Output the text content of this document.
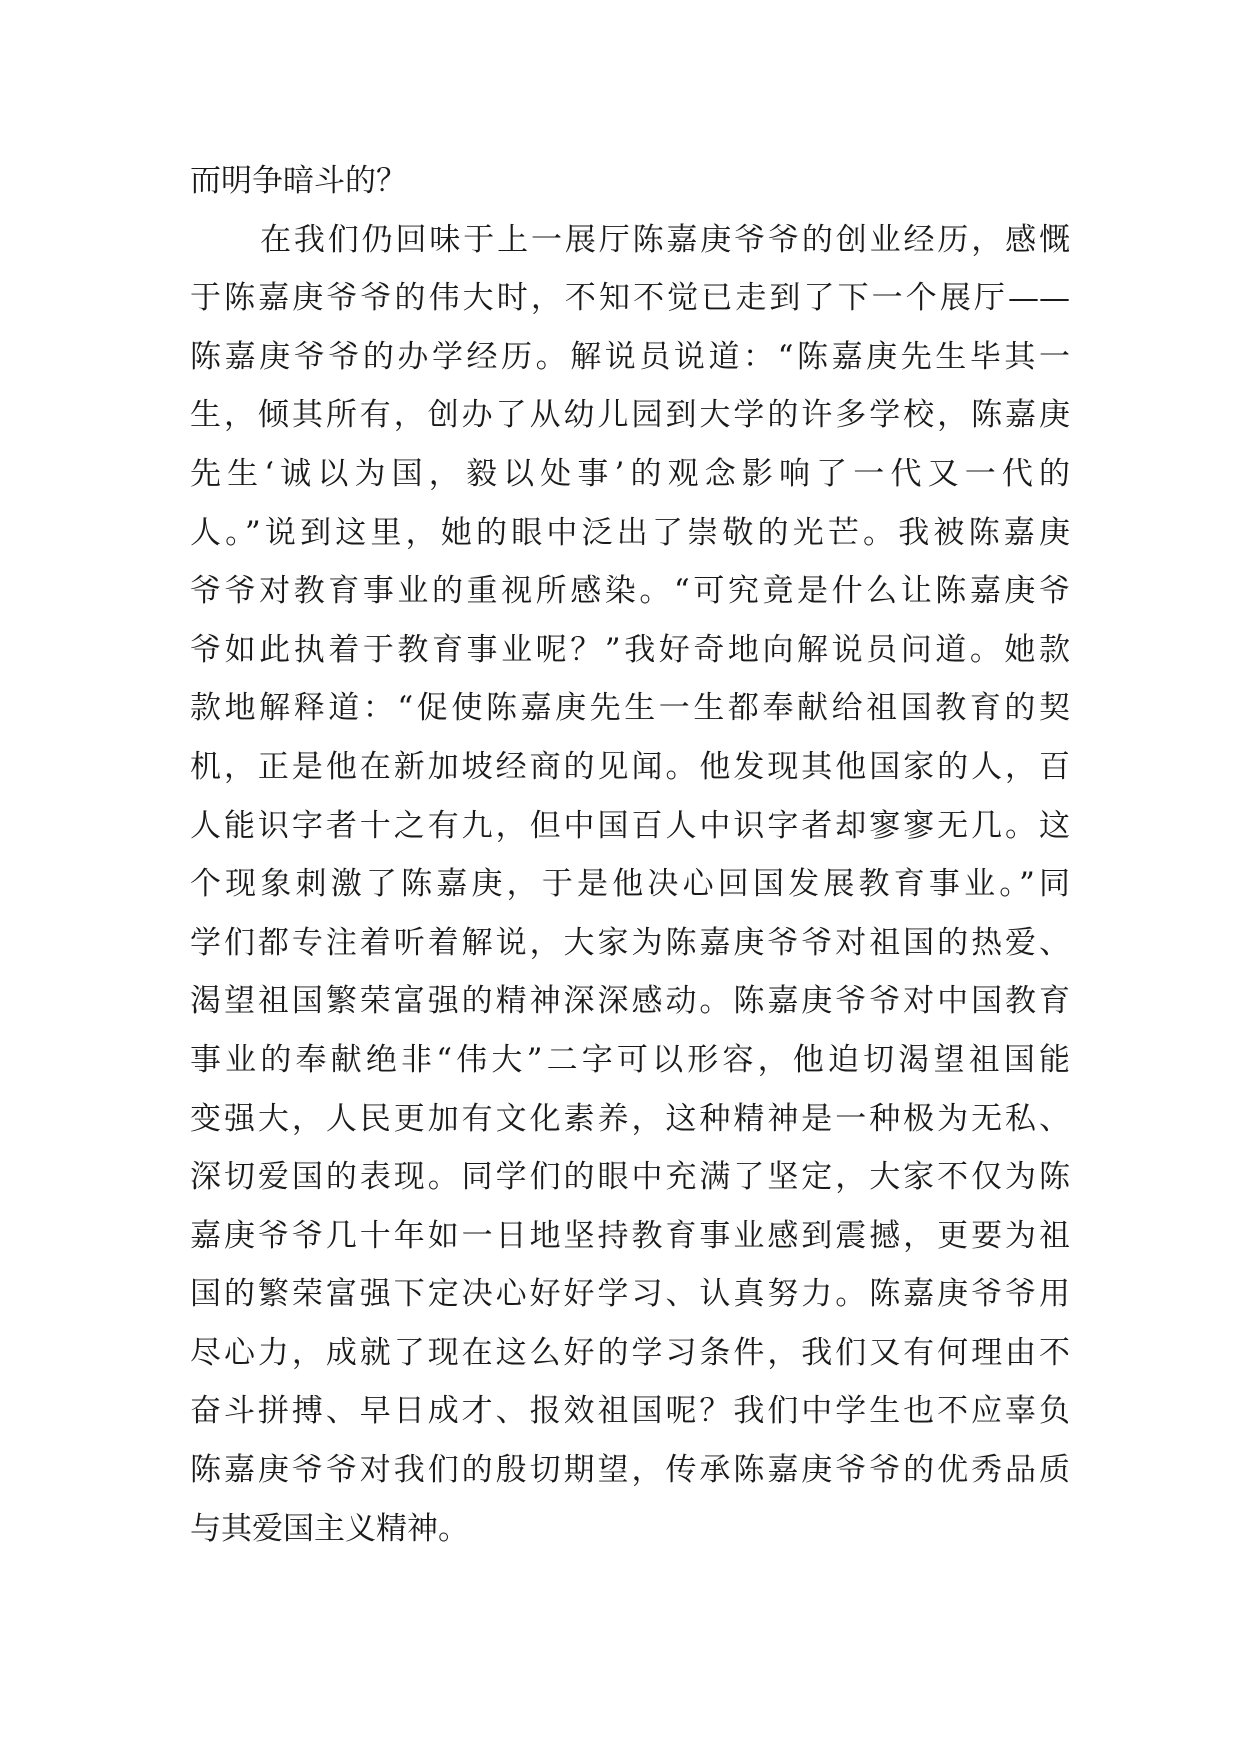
而明争暗斗的？
在我们仍回味于上一展厅陈嘉庚爷爷的创业经历，感慨
于陈嘉庚爷爷的伟大时，不知不觉已走到了下一个展厅——
陈嘉庚爷爷的办学经历。解说员说道：“陈嘉庚先生毕其一
生，倾其所有，创办了从幼儿园到大学的许多学校，陈嘉庚
先生‘诚以为国，毅以处事’的观念影响了一代又一代的
人。”说到这里，她的眼中泛出了崇敬的光芒。我被陈嘉庚
爷爷对教育事业的重视所感染。“可究竟是什么让陈嘉庚爷
爷如此执着于教育事业呢？”我好奇地向解说员问道。她款
款地解释道：“促使陈嘉庚先生一生都奉献给祖国教育的契
机，正是他在新加坡经商的见闻。他发现其他国家的人，百
人能识字者十之有九，但中国百人中识字者却寥寥无几。这
个现象刺激了陈嘉庚，于是他决心回国发展教育事业。”同
学们都专注着听着解说，大家为陈嘉庚爷爷对祖国的热爱、
渴望祖国繁荣富强的精神深深感动。陈嘉庚爷爷对中国教育
事业的奉献绝非“伟大”二字可以形容，他迫切渴望祖国能
变强大，人民更加有文化素养，这种精神是一种极为无私、
深切爱国的表现。同学们的眼中充满了坚定，大家不仅为陈
嘉庚爷爷几十年如一日地坚持教育事业感到震撼，更要为祖
国的繁荣富强下定决心好好学习、认真努力。陈嘉庚爷爷用
尽心力，成就了现在这么好的学习条件，我们又有何理由不
奋斗拼搏、早日成才、报效祖国呢？我们中学生也不应辜负
陈嘉庚爷爷对我们的殷切期望，传承陈嘉庚爷爷的优秀品质
与其爱国主义精神。
